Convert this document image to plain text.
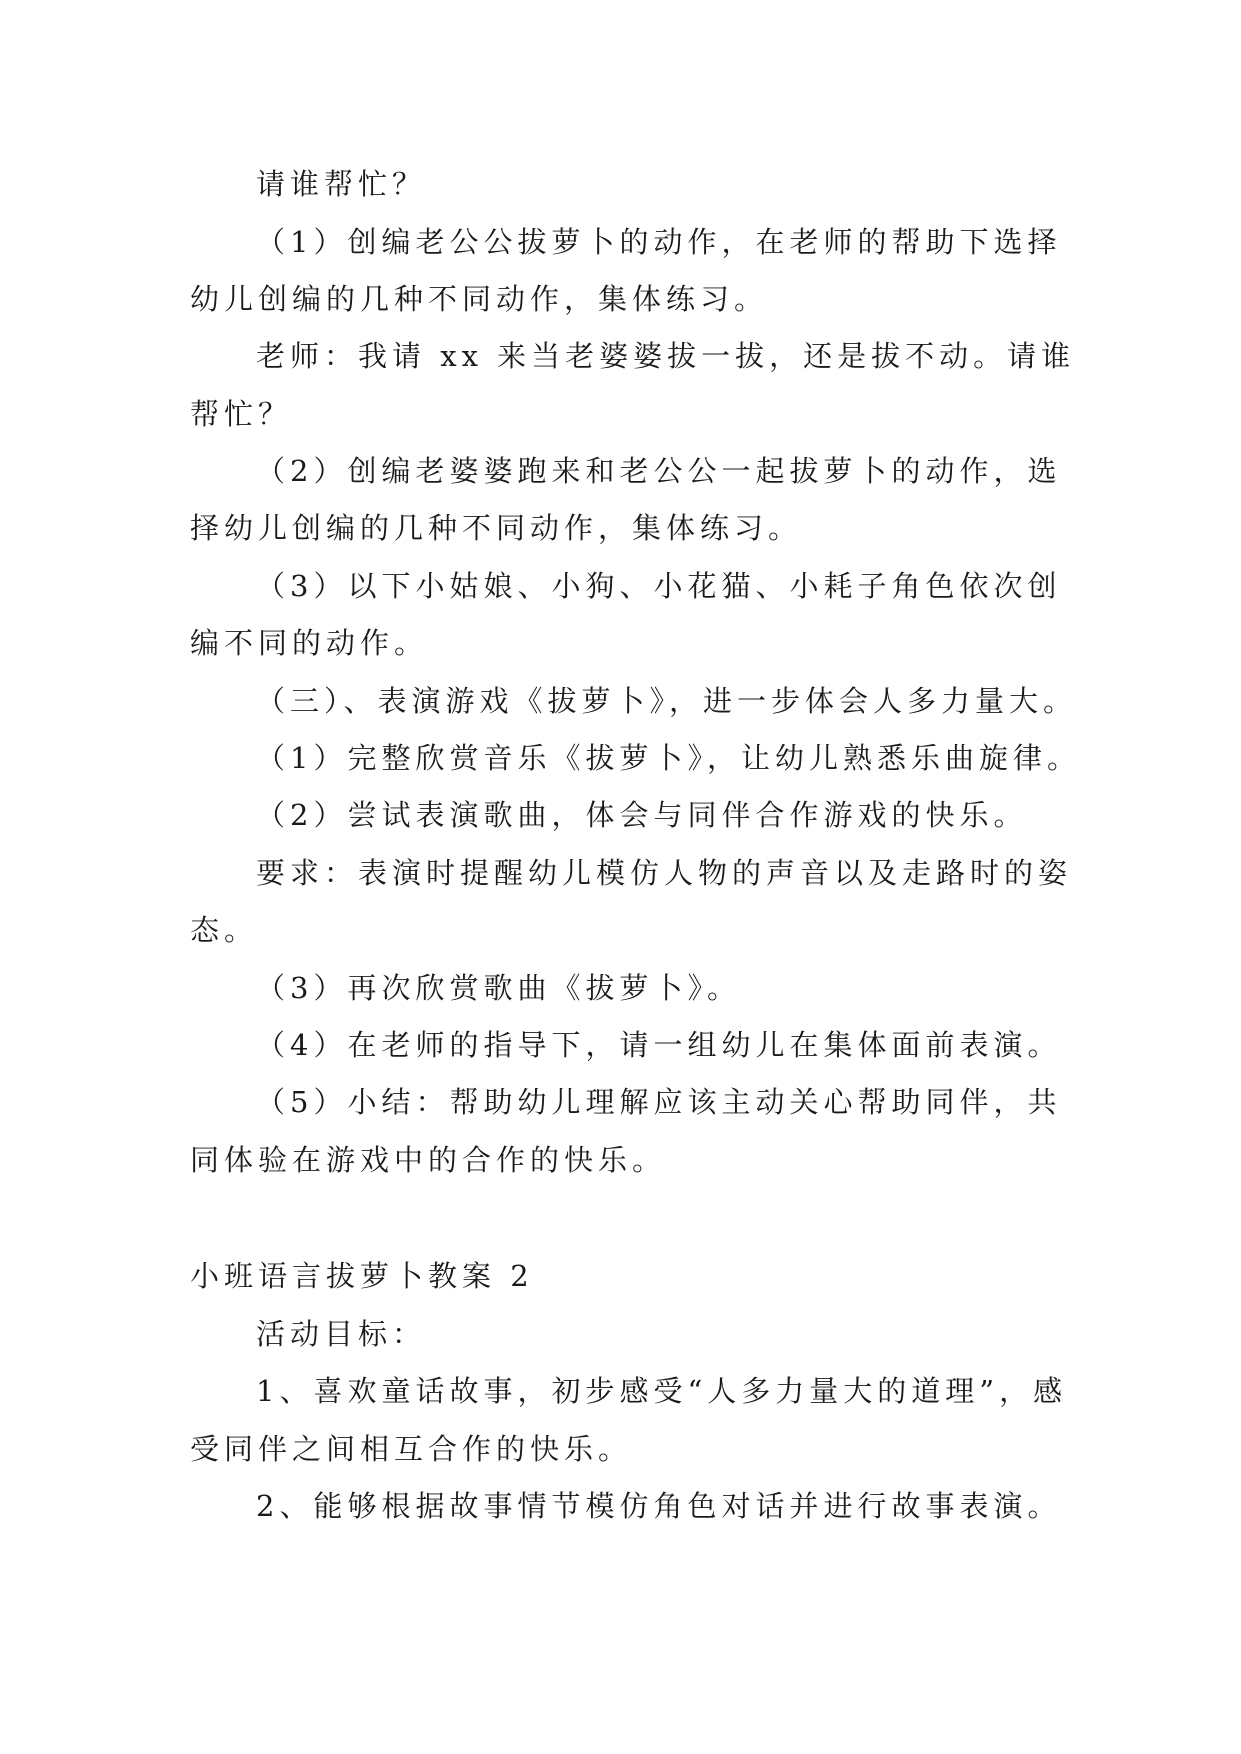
请谁帮忙？
（1）创编老公公拔萝卜的动作，在老师的帮助下选择
幼儿创编的几种不同动作，集体练习。
老师：我请 xx 来当老婆婆拔一拔，还是拔不动。请谁
帮忙？
（2）创编老婆婆跑来和老公公一起拔萝卜的动作，选
择幼儿创编的几种不同动作，集体练习。
（3）以下小姑娘、小狗、小花猫、小耗子角色依次创
编不同的动作。
（三）、表演游戏《拔萝卜》，进一步体会人多力量大。
（1）完整欣赏音乐《拔萝卜》，让幼儿熟悉乐曲旋律。
（2）尝试表演歌曲，体会与同伴合作游戏的快乐。
要求：表演时提醒幼儿模仿人物的声音以及走路时的姿
态。
（3）再次欣赏歌曲《拔萝卜》。
（4）在老师的指导下，请一组幼儿在集体面前表演。
（5）小结：帮助幼儿理解应该主动关心帮助同伴，共
同体验在游戏中的合作的快乐。
小班语言拔萝卜教案 2
活动目标：
1、喜欢童话故事，初步感受“人多力量大的道理”，感
受同伴之间相互合作的快乐。
2、能够根据故事情节模仿角色对话并进行故事表演。
